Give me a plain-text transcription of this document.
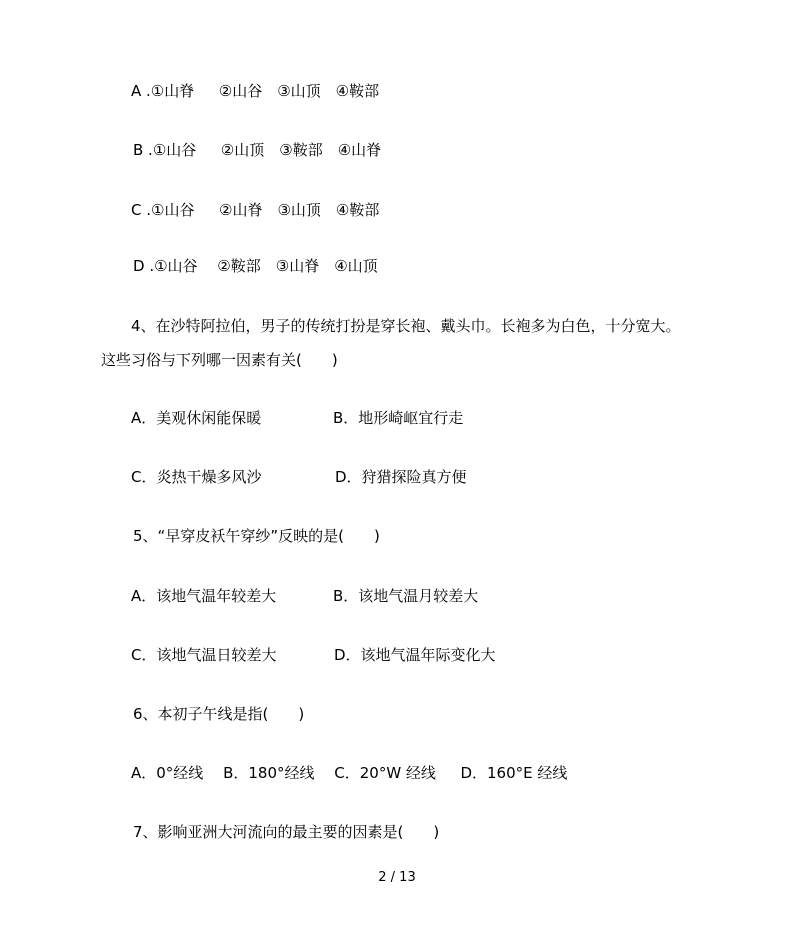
A .①山脊　  ②山谷　③山顶　④鞍部
B .①山谷　  ②山顶　③鞍部　④山脊
C .①山谷　  ②山脊　③山顶　④鞍部
D .①山谷　 ②鞍部　③山脊　④山顶
4、在沙特阿拉伯，男子的传统打扮是穿长袍、戴头巾。长袍多为白色，十分宽大。
这些习俗与下列哪一因素有关(　　)
A．美观休闲能保暖	B．地形崎岖宜行走
C．炎热干燥多风沙	D．狩猎探险真方便
5、“早穿皮袄午穿纱”反映的是(　　)
A．该地气温年较差大	B．该地气温月较差大
C．该地气温日较差大	D．该地气温年际变化大
6、本初子午线是指(　　)
A．0°经线　 B．180°经线　 C．20°W 经线　  D．160°E 经线
7、影响亚洲大河流向的最主要的因素是(　　)
2 / 13
